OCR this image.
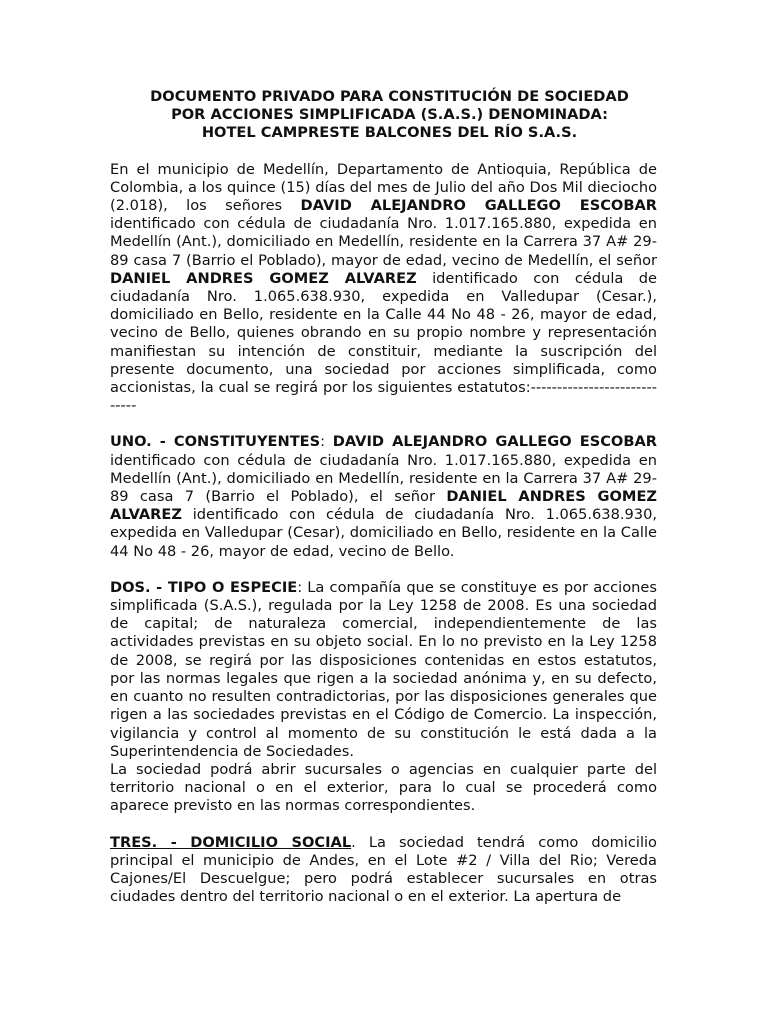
DOCUMENTO PRIVADO PARA CONSTITUCIÓN DE SOCIEDAD
POR ACCIONES SIMPLIFICADA (S.A.S.) DENOMINADA:
HOTEL CAMPRESTE BALCONES DEL RÍO S.A.S.

En el municipio de Medellín, Departamento de Antioquia, República de Colombia, a los quince (15) días del mes de Julio del año Dos Mil dieciocho (2.018), los señores DAVID ALEJANDRO GALLEGO ESCOBAR identificado con cédula de ciudadanía Nro. 1.017.165.880, expedida en Medellín (Ant.), domiciliado en Medellín, residente en la Carrera 37 A# 29-89 casa 7 (Barrio el Poblado), mayor de edad, vecino de Medellín, el señor DANIEL ANDRES GOMEZ ALVAREZ identificado con cédula de ciudadanía Nro. 1.065.638.930, expedida en Valledupar (Cesar.), domiciliado en Bello, residente en la Calle 44 No 48 - 26, mayor de edad, vecino de Bello, quienes obrando en su propio nombre y representación manifiestan su intención de constituir, mediante la suscripción del presente documento, una sociedad por acciones simplificada, como accionistas, la cual se regirá por los siguientes estatutos:-----------------------------

UNO. - CONSTITUYENTES: DAVID ALEJANDRO GALLEGO ESCOBAR identificado con cédula de ciudadanía Nro. 1.017.165.880, expedida en Medellín (Ant.), domiciliado en Medellín, residente en la Carrera 37 A# 29-89 casa 7 (Barrio el Poblado), el señor DANIEL ANDRES GOMEZ ALVAREZ identificado con cédula de ciudadanía Nro. 1.065.638.930, expedida en Valledupar (Cesar), domiciliado en Bello, residente en la Calle 44 No 48 - 26, mayor de edad, vecino de Bello.

DOS. - TIPO O ESPECIE: La compañía que se constituye es por acciones simplificada (S.A.S.), regulada por la Ley 1258 de 2008. Es una sociedad de capital; de naturaleza comercial, independientemente de las actividades previstas en su objeto social. En lo no previsto en la Ley 1258 de 2008, se regirá por las disposiciones contenidas en estos estatutos, por las normas legales que rigen a la sociedad anónima y, en su defecto, en cuanto no resulten contradictorias, por las disposiciones generales que rigen a las sociedades previstas en el Código de Comercio. La inspección, vigilancia y control al momento de su constitución le está dada a la Superintendencia de Sociedades.

La sociedad podrá abrir sucursales o agencias en cualquier parte del territorio nacional o en el exterior, para lo cual se procederá como aparece previsto en las normas correspondientes.

TRES. - DOMICILIO SOCIAL. La sociedad tendrá como domicilio principal el municipio de Andes, en el Lote #2 / Villa del Rio; Vereda Cajones/El Descuelgue; pero podrá establecer sucursales en otras ciudades dentro del territorio nacional o en el exterior. La apertura de
